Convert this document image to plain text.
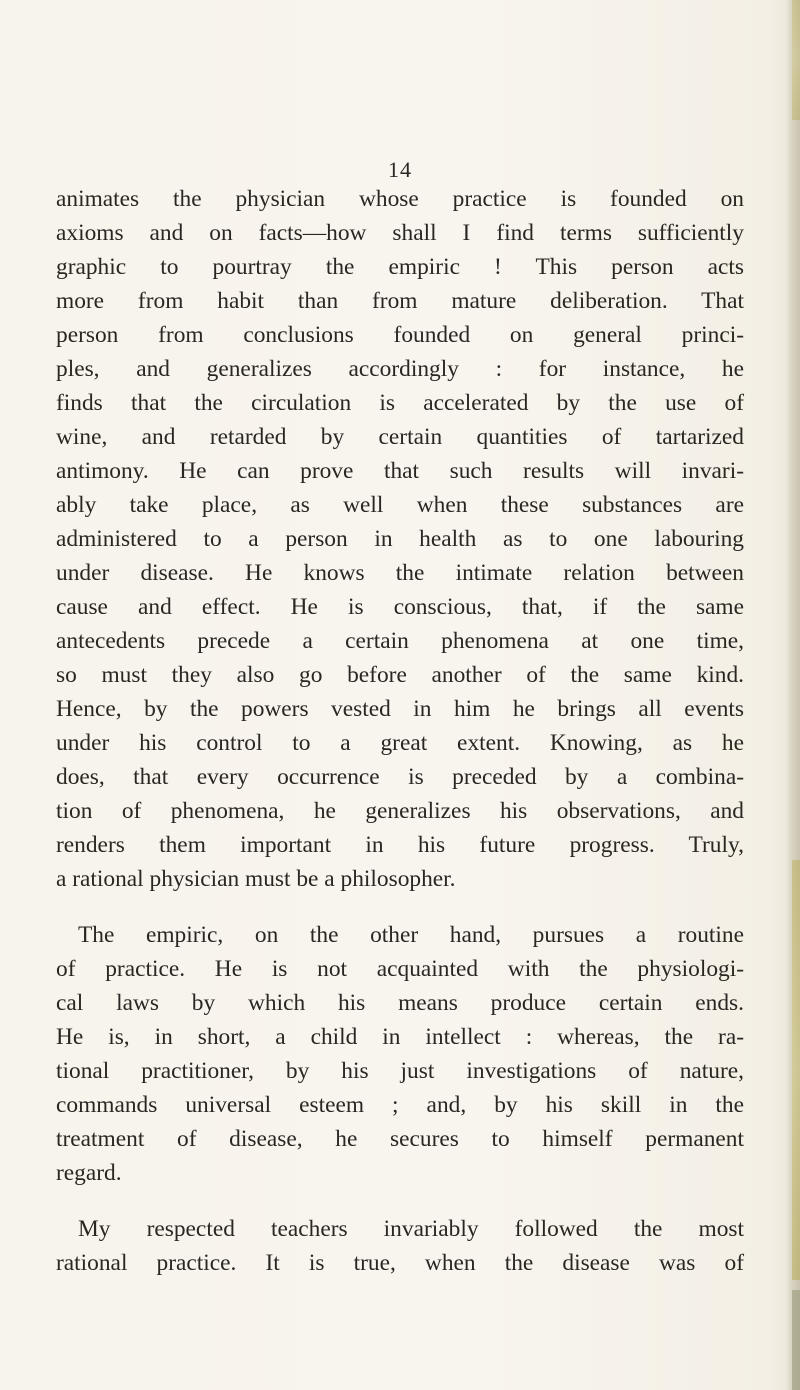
14
animates the physician whose practice is founded on
axioms and on facts—how shall I find terms sufficiently
graphic to pourtray the empiric ! This person acts
more from habit than from mature deliberation. That
person from conclusions founded on general princi-
ples, and generalizes accordingly : for instance, he
finds that the circulation is accelerated by the use of
wine, and retarded by certain quantities of tartarized
antimony. He can prove that such results will invari-
ably take place, as well when these substances are
administered to a person in health as to one labouring
under disease. He knows the intimate relation between
cause and effect. He is conscious, that, if the same
antecedents precede a certain phenomena at one time,
so must they also go before another of the same kind.
Hence, by the powers vested in him he brings all events
under his control to a great extent. Knowing, as he
does, that every occurrence is preceded by a combina-
tion of phenomena, he generalizes his observations, and
renders them important in his future progress. Truly,
a rational physician must be a philosopher.
The empiric, on the other hand, pursues a routine
of practice. He is not acquainted with the physiologi-
cal laws by which his means produce certain ends.
He is, in short, a child in intellect : whereas, the ra-
tional practitioner, by his just investigations of nature,
commands universal esteem ; and, by his skill in the
treatment of disease, he secures to himself permanent
regard.
My respected teachers invariably followed the most
rational practice. It is true, when the disease was of
